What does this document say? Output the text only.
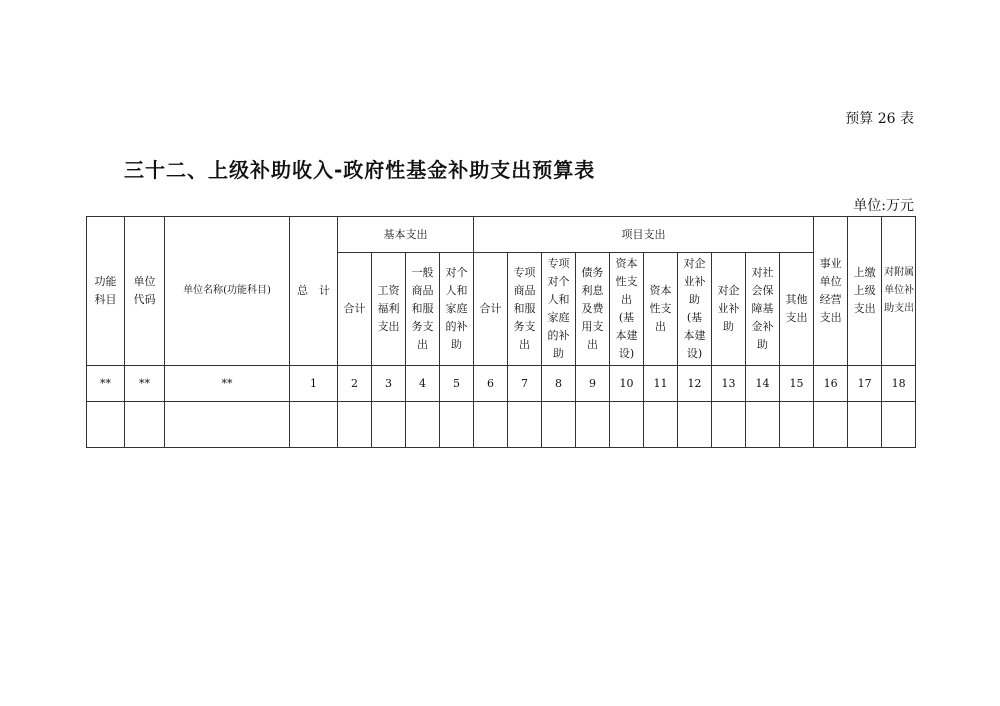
预算 26 表
三十二、上级补助收入-政府性基金补助支出预算表
单位:万元
功能科目	单位代码	单位名称(功能科目)	总　计	基本支出				项目支出										事业单位经营支出	上缴上级支出	对附属单位补助支出
				合计	工资福利支出	一般商品和服务支出	对个人和家庭的补助	合计	专项商品和服务支出	专项对个人和家庭的补助	债务利息及费用支出	资本性支出(基本建设)	资本性支出	对企业补助(基本建设)	对企业补助	对社会保障基金补助	其他支出			
**	**	**	1	2	3	4	5	6	7	8	9	10	11	12	13	14	15	16	17	18
